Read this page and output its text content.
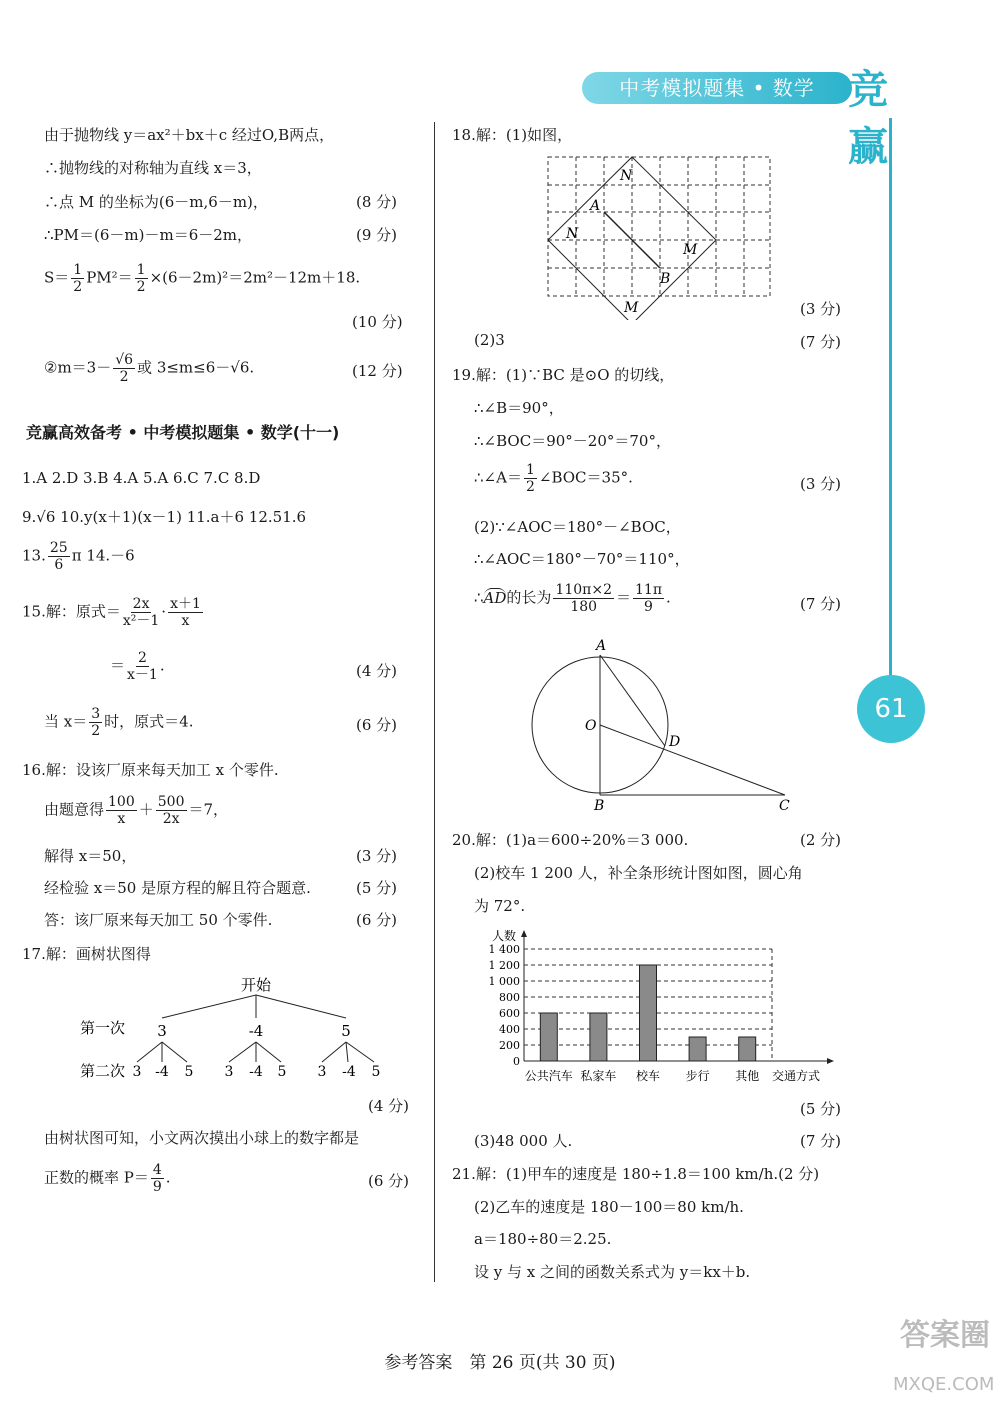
中考模拟题集 • 数学 竞赢
61
由于抛物线 y＝ax²＋bx＋c 经过O,B两点，
∴抛物线的对称轴为直线 x＝3，
∴点 M 的坐标为(6－m,6－m)，	(8 分)
∴PM＝(6－m)－m＝6－2m，	(9 分)
$S= \frac{1}{2} PM^2= \frac{1}{2} \times(6-2m)^2=2m^2-12m+18$.
(10 分)
②m＝3－ $\frac{√6}{2}$ 或 3≤m≤6－√6.	(12 分)
竞赢高效备考 • 中考模拟题集 • 数学(十一)
1.A 2.D 3.B 4.A 5.A 6.C 7.C 8.D
9.√6 10.y(x＋1)(x－1) 11.a＋6 12.51.6
13. $\frac{25}{6}$ π 14.－6
15.解：原式＝ $\frac{2x}{\text{x²－1}} \cdot \frac{x+1}{x}$
＝ $\frac{2}{x-1}$ .	(4 分)
当 $x= \frac{3}{2}$ 时，原式＝4.	(6 分)
16.解：设该厂原来每天加工 x 个零件.
由题意得 $\frac{100}{x} + \frac{500}{2x} =7$，
解得 x＝50，	(3 分)
经检验 x＝50 是原方程的解且符合题意.	(5 分)
答：该厂原来每天加工 50 个零件.	(6 分)
17.解：画树状图得
开始
第一次 3	-4	5
第二次 3 -4 5 3 -4 5 3 -4 5
(4 分)
由树状图可知，小文两次摸出小球上的数字都是
正数的概率 $P= \frac{4}{9}$ .	(6 分)
18.解：(1)如图，
N
A
N
M
B
M	(3 分)
(2)3	(7 分)
19.解：(1)∵BC 是⊙O 的切线，
∴∠B＝90°，
∴∠BOC＝90°－20°＝70°，
∴∠A＝ $\frac{1}{2}$ ∠BOC＝35°.	(3 分)
(2)∵∠AOC＝180°－∠BOC，
∴∠AOC＝180°－70°＝110°，
∴AD的长为 $\frac{110\pi\times 2}{180} = \frac{11\pi}{9}$ .	(7 分)
A
O
D
B	C
20.解：(1)a＝600÷20%＝3 000.	(2 分)
(2)校车 1 200 人，补全条形统计图如图，圆心角
为 72°.
人数
交通方式
0
200
400
600
800
1 000
1 200
1 400
公共汽车 私家车 校车 步行 其他
(5 分)
(3)48 000 人.	(7 分)
21.解：(1)甲车的速度是 180÷1.8＝100 km/h.(2 分)
(2)乙车的速度是 180－100＝80 km/h.
a＝180÷80＝2.25.
设 y 与 x 之间的函数关系式为 y＝kx＋b.
参考答案　第 26 页(共 30 页)
答案圈
MXQE.COM
